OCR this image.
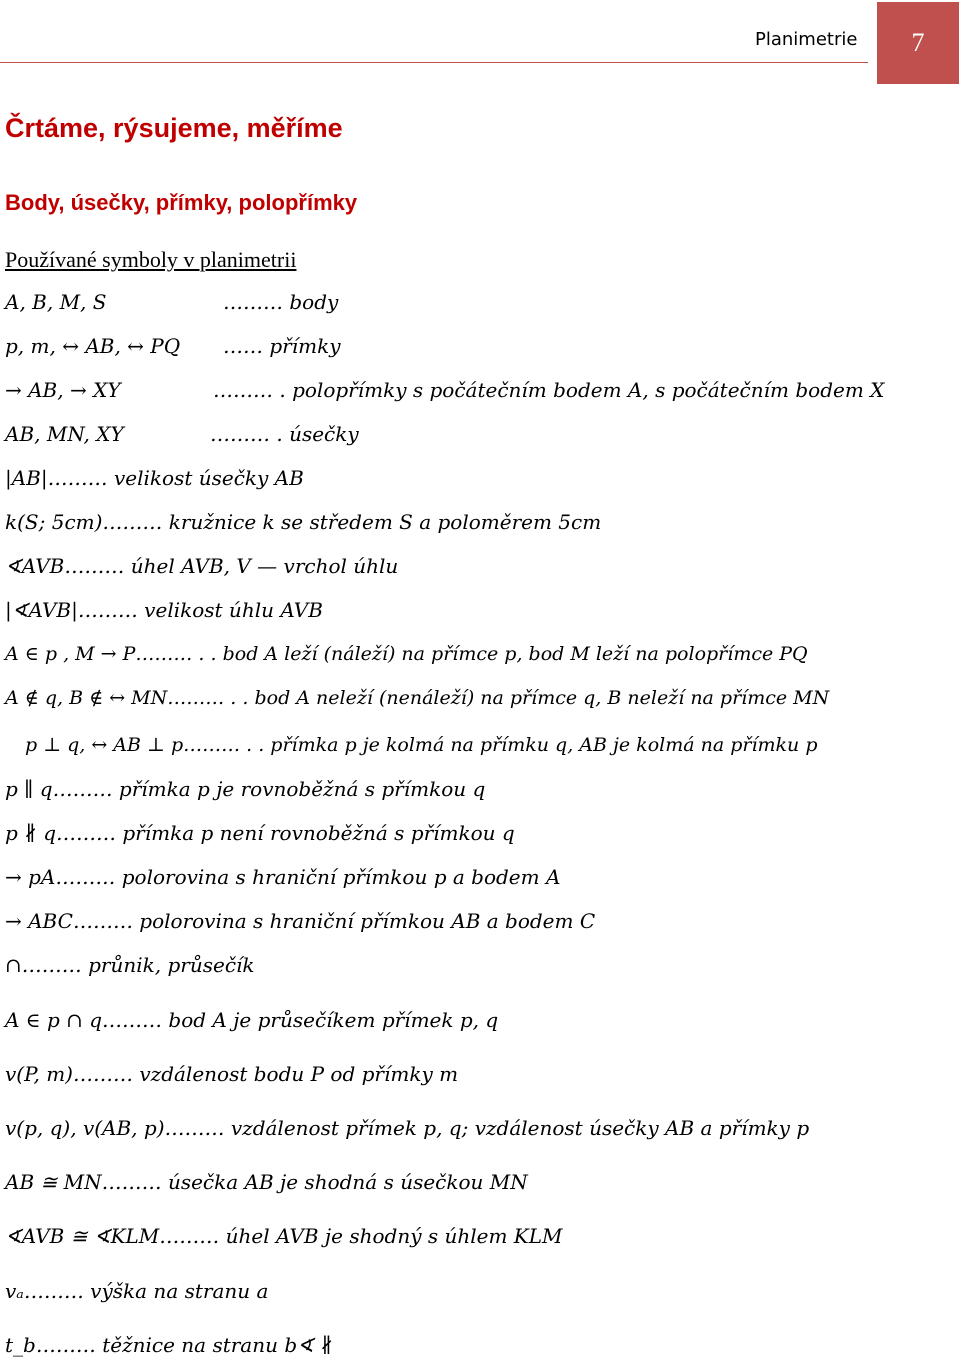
Planimetrie 7
Črtáme, rýsujeme, měříme
Body, úsečky, přímky, polopřímky
Používané symboly v planimetrii
A, B, M, S	……… body
p, m, ↔ AB, ↔ PQ …… přímky
→ AB, → XY	……… . polopřímky s počátečním bodem A, s počátečním bodem X
AB, MN, XY	……… . úsečky
|AB|……… velikost úsečky AB
k(S; 5cm)……… kružnice k se středem S a poloměrem 5cm
∢AVB……… úhel AVB, V — vrchol úhlu
|∢AVB|……… velikost úhlu AVB
A ∈ p , M → P……… . . bod A leží (náleží) na přímce p, bod M leží na polopřímce PQ
A ∉ q, B ∉ ↔ MN……… . . bod A neleží (nenáleží) na přímce q, B neleží na přímce MN
p ⊥ q, ↔ AB ⊥ p……… . . přímka p je kolmá na přímku q, AB je kolmá na přímku p
p ∥ q……… přímka p je rovnoběžná s přímkou q
p ∦ q……… přímka p není rovnoběžná s přímkou q
→ pA……… polorovina s hraniční přímkou p a bodem A
→ ABC……… polorovina s hraniční přímkou AB a bodem C
∩……… průnik, průsečík
A ∈ p ∩ q……… bod A je průsečíkem přímek p, q
v(P, m)……… vzdálenost bodu P od přímky m
v(p, q), v(AB, p)……… vzdálenost přímek p, q; vzdálenost úsečky AB a přímky p
AB ≅ MN……… úsečka AB je shodná s úsečkou MN
∢AVB ≅ ∢KLM……… úhel AVB je shodný s úhlem KLM
vₐ……… výška na stranu a
t_b……… těžnice na stranu b∢ ∦
